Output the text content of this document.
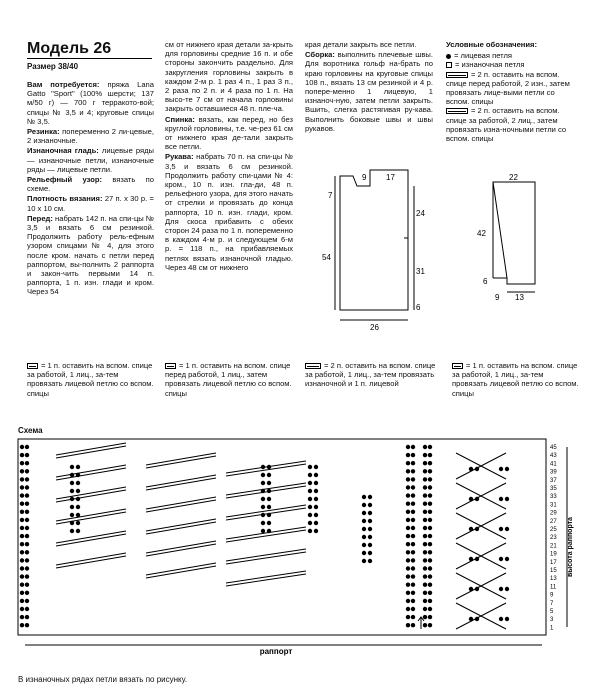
Модель 26
Размер 38/40

Вам потребуется: пряжа Lana Gatto "Sport" (100% шерсти; 137 м/50 г) — 700 г терракото-вой; спицы № 3,5 и 4; круговые спицы № 3,5.

Резинка: попеременно 2 ли-цевые, 2 изнаночные.

Изнаночная гладь: лицевые ряды — изнаночные петли, изнаночные ряды — лицевые петли.

Рельефный узор: вязать по схеме.

Плотность вязания: 27 п. x 30 р. = 10 x 10 см.

Перед: набрать 142 п. на спи-цы № 3,5 и вязать 6 см резинкой. Продолжить работу рель-ефным узором спицами № 4, для этого после кром. начать с петли перед раппортом, вы-полнить 2 раппорта и закон-чить первыми 14 п. раппорта, 1 п. изн. глади и кром. Через 54

см от нижнего края детали за-крыть для горловины средние 16 п. и обе стороны закончить раздельно. Для закругления горловины закрыть в каждом 2-м р. 1 раз 4 п., 1 раз 3 п., 2 раза по 2 п. и 4 раза по 1 п. На высо-те 7 см от начала горловины закрыть оставшиеся 48 п. пле-ча.

Спинка: вязать, как перед, но без круглой горловины, т.е. че-рез 61 см от нижнего края де-тали закрыть все петли.

Рукава: набрать 70 п. на спи-цы № 3,5 и вязать 6 см резинкой. Продолжить работу спи-цами № 4: кром., 10 п. изн. гла-ди, 48 п. рельефного узора, для этого начать от стрелки и провязать до конца раппорта, 10 п. изн. глади, кром. Для скоса прибавить с обеих сторон 24 раза по 1 п. попеременно в каждом 4-м р. и следующем 6-м р. = 118 п., на прибавляемых петлях вязать изнаночной гладью. Через 48 см от нижнего

края детали закрыть все петли.

Сборка: выполнить плечевые швы. Для воротника гольф на-брать по краю горловины на круговые спицы 108 п., вязать 13 см резинкой и 4 р. попере-менно 1 лицевую, 1 изнаноч-ную, затем петли закрыть. Вшить, слегка растягивая ру-кава. Выполнить боковые швы и швы рукавов.

Условные обозначения:
= лицевая петля
= изнаночная петля
= 2 п. оставить на вспом. спице перед работой, 2 изн., затем провязать лице-выми петли со вспом. спицы
= 2 п. оставить на вспом. спице за работой, 2 лиц., затем провязать изна-ночными петли со вспом. спицы
7
9 17
24
54
31
6
26
22
42
6
9 13
= 1 п. оставить на вспом. спице за работой, 1 лиц., за-тем провязать лицевой петлю со вспом. спицы
= 1 п. оставить на вспом. спице перед работой, 1 лиц., затем провязать лицевой петлю со вспом. спицы
= 2 п. оставить на вспом. спице за работой, 1 лиц., за-тем провязать изнаночной и 1 п. лицевой
= 1 п. оставить на вспом. спице за работой, 1 лиц., за-тем провязать лицевой петлю со вспом. спицы
Схема
45
43
41
39
37
35
33
31
29
27
25
23
21
19
17
15
13
11
9
7
5
3
1
раппорт
высота раппорта
В изнаночных рядах петли вязать по рисунку.
